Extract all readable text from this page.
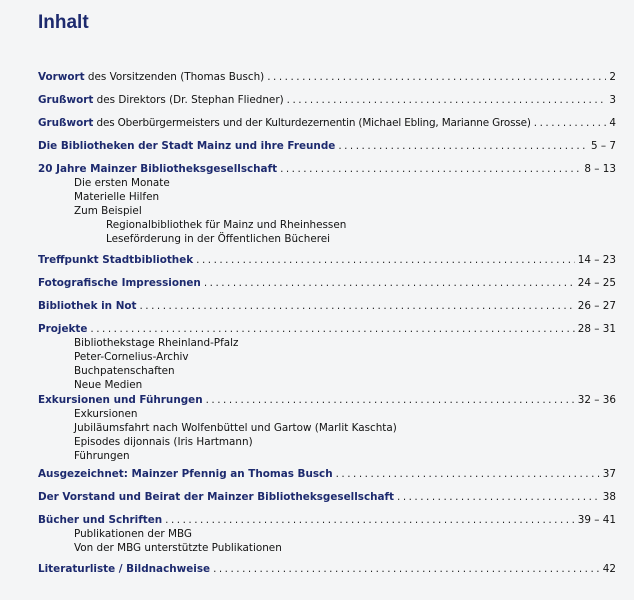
Inhalt
Vorwort des Vorsitzenden (Thomas Busch) . . .	2
Grußwort des Direktors (Dr. Stephan Fliedner) . . .	3
Grußwort des Oberbürgermeisters und der Kulturdezernentin (Michael Ebling, Marianne Grosse) . . .	4
Die Bibliotheken der Stadt Mainz und ihre Freunde . . .	5 – 7
20 Jahre Mainzer Bibliotheksgesellschaft . . .	8 – 13
Die ersten Monate
Materielle Hilfen
Zum Beispiel
Regionalbibliothek für Mainz und Rheinhessen
Leseförderung in der Öffentlichen Bücherei
Treffpunkt Stadtbibliothek . . .	14 – 23
Fotografische Impressionen . . .	24 – 25
Bibliothek in Not . . .	26 – 27
Projekte . . .	28 – 31
Bibliothekstage Rheinland-Pfalz
Peter-Cornelius-Archiv
Buchpatenschaften
Neue Medien
Exkursionen und Führungen . . .	32 – 36
Exkursionen
Jubiläumsfahrt nach Wolfenbüttel und Gartow (Marlit Kaschta)
Episodes dijonnais (Iris Hartmann)
Führungen
Ausgezeichnet: Mainzer Pfennig an Thomas Busch . . .	37
Der Vorstand und Beirat der Mainzer Bibliotheksgesellschaft . . .	38
Bücher und Schriften . . .	39 – 41
Publikationen der MBG
Von der MBG unterstützte Publikationen
Literaturliste / Bildnachweise . . .	42
